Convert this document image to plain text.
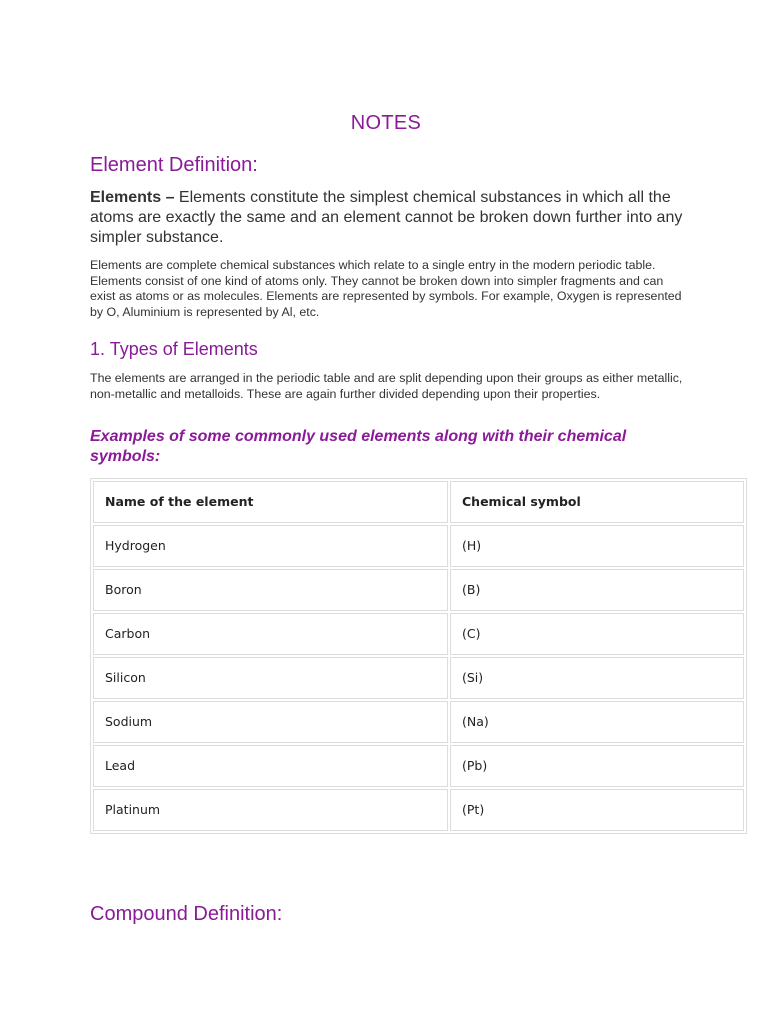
NOTES
Element Definition:

Elements – Elements constitute the simplest chemical substances in which all the atoms are exactly the same and an element cannot be broken down further into any simpler substance.

Elements are complete chemical substances which relate to a single entry in the modern periodic table. Elements consist of one kind of atoms only. They cannot be broken down into simpler fragments and can exist as atoms or as molecules. Elements are represented by symbols. For example, Oxygen is represented by O, Aluminium is represented by Al, etc.

1. Types of Elements

The elements are arranged in the periodic table and are split depending upon their groups as either metallic, non-metallic and metalloids. These are again further divided depending upon their properties.

Examples of some commonly used elements along with their chemical symbols:

Name of the element	Chemical symbol
Hydrogen	(H)
Boron	(B)
Carbon	(C)
Silicon	(Si)
Sodium	(Na)
Lead	(Pb)
Platinum	(Pt)
Compound Definition:
